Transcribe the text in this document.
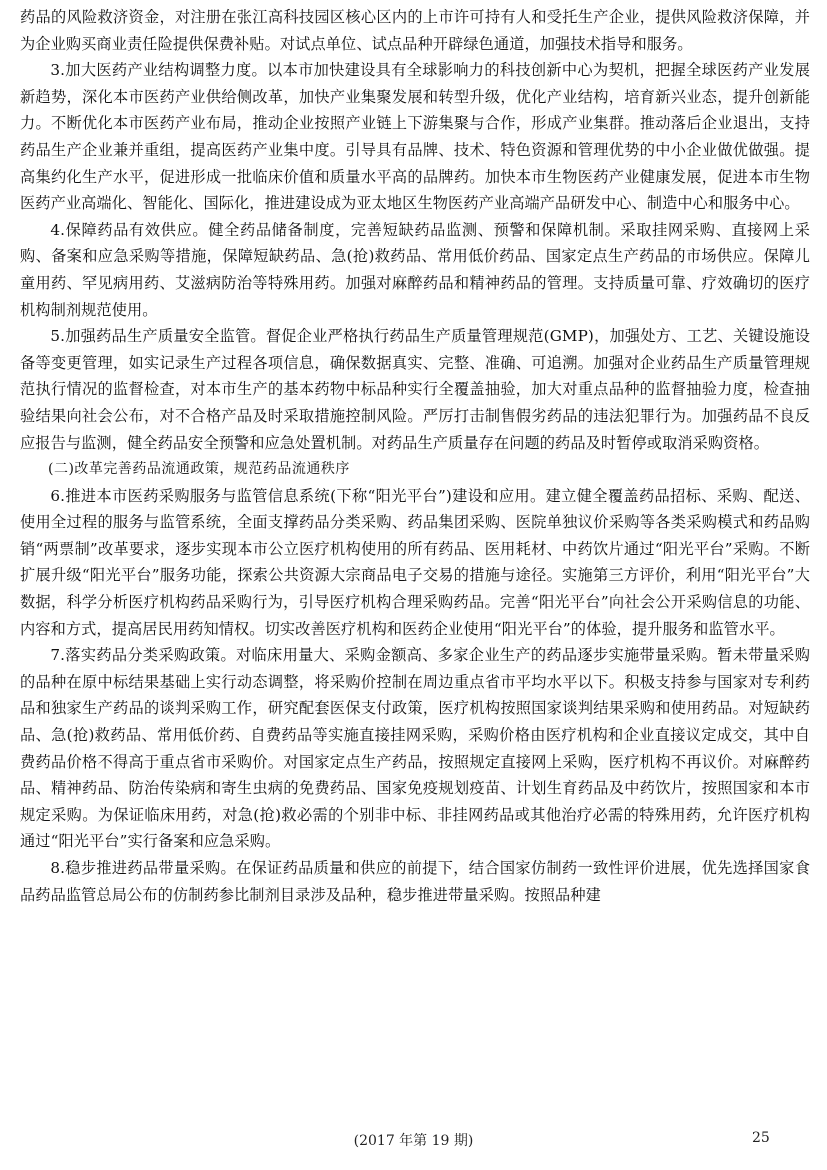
药品的风险救济资金，对注册在张江高科技园区核心区内的上市许可持有人和受托生产企业，提供风险救济保障，并为企业购买商业责任险提供保费补贴。对试点单位、试点品种开辟绿色通道，加强技术指导和服务。

3.加大医药产业结构调整力度。以本市加快建设具有全球影响力的科技创新中心为契机，把握全球医药产业发展新趋势，深化本市医药产业供给侧改革，加快产业集聚发展和转型升级，优化产业结构，培育新兴业态，提升创新能力。不断优化本市医药产业布局，推动企业按照产业链上下游集聚与合作，形成产业集群。推动落后企业退出，支持药品生产企业兼并重组，提高医药产业集中度。引导具有品牌、技术、特色资源和管理优势的中小企业做优做强。提高集约化生产水平，促进形成一批临床价值和质量水平高的品牌药。加快本市生物医药产业健康发展，促进本市生物医药产业高端化、智能化、国际化，推进建设成为亚太地区生物医药产业高端产品研发中心、制造中心和服务中心。

4.保障药品有效供应。健全药品储备制度，完善短缺药品监测、预警和保障机制。采取挂网采购、直接网上采购、备案和应急采购等措施，保障短缺药品、急(抢)救药品、常用低价药品、国家定点生产药品的市场供应。保障儿童用药、罕见病用药、艾滋病防治等特殊用药。加强对麻醉药品和精神药品的管理。支持质量可靠、疗效确切的医疗机构制剂规范使用。

5.加强药品生产质量安全监管。督促企业严格执行药品生产质量管理规范(GMP)，加强处方、工艺、关键设施设备等变更管理，如实记录生产过程各项信息，确保数据真实、完整、准确、可追溯。加强对企业药品生产质量管理规范执行情况的监督检查，对本市生产的基本药物中标品种实行全覆盖抽验，加大对重点品种的监督抽验力度，检查抽验结果向社会公布，对不合格产品及时采取措施控制风险。严厉打击制售假劣药品的违法犯罪行为。加强药品不良反应报告与监测，健全药品安全预警和应急处置机制。对药品生产质量存在问题的药品及时暂停或取消采购资格。

(二)改革完善药品流通政策，规范药品流通秩序

6.推进本市医药采购服务与监管信息系统(下称“阳光平台”)建设和应用。建立健全覆盖药品招标、采购、配送、使用全过程的服务与监管系统，全面支撑药品分类采购、药品集团采购、医院单独议价采购等各类采购模式和药品购销“两票制”改革要求，逐步实现本市公立医疗机构使用的所有药品、医用耗材、中药饮片通过“阳光平台”采购。不断扩展升级“阳光平台”服务功能，探索公共资源大宗商品电子交易的措施与途径。实施第三方评价，利用“阳光平台”大数据，科学分析医疗机构药品采购行为，引导医疗机构合理采购药品。完善“阳光平台”向社会公开采购信息的功能、内容和方式，提高居民用药知情权。切实改善医疗机构和医药企业使用“阳光平台”的体验，提升服务和监管水平。

7.落实药品分类采购政策。对临床用量大、采购金额高、多家企业生产的药品逐步实施带量采购。暂未带量采购的品种在原中标结果基础上实行动态调整，将采购价控制在周边重点省市平均水平以下。积极支持参与国家对专利药品和独家生产药品的谈判采购工作，研究配套医保支付政策，医疗机构按照国家谈判结果采购和使用药品。对短缺药品、急(抢)救药品、常用低价药、自费药品等实施直接挂网采购，采购价格由医疗机构和企业直接议定成交，其中自费药品价格不得高于重点省市采购价。对国家定点生产药品，按照规定直接网上采购，医疗机构不再议价。对麻醉药品、精神药品、防治传染病和寄生虫病的免费药品、国家免疫规划疫苗、计划生育药品及中药饮片，按照国家和本市规定采购。为保证临床用药，对急(抢)救必需的个别非中标、非挂网药品或其他治疗必需的特殊用药，允许医疗机构通过“阳光平台”实行备案和应急采购。

8.稳步推进药品带量采购。在保证药品质量和供应的前提下，结合国家仿制药一致性评价进展，优先选择国家食品药品监管总局公布的仿制药参比制剂目录涉及品种，稳步推进带量采购。按照品种建

(2017 年第 19 期)	25
